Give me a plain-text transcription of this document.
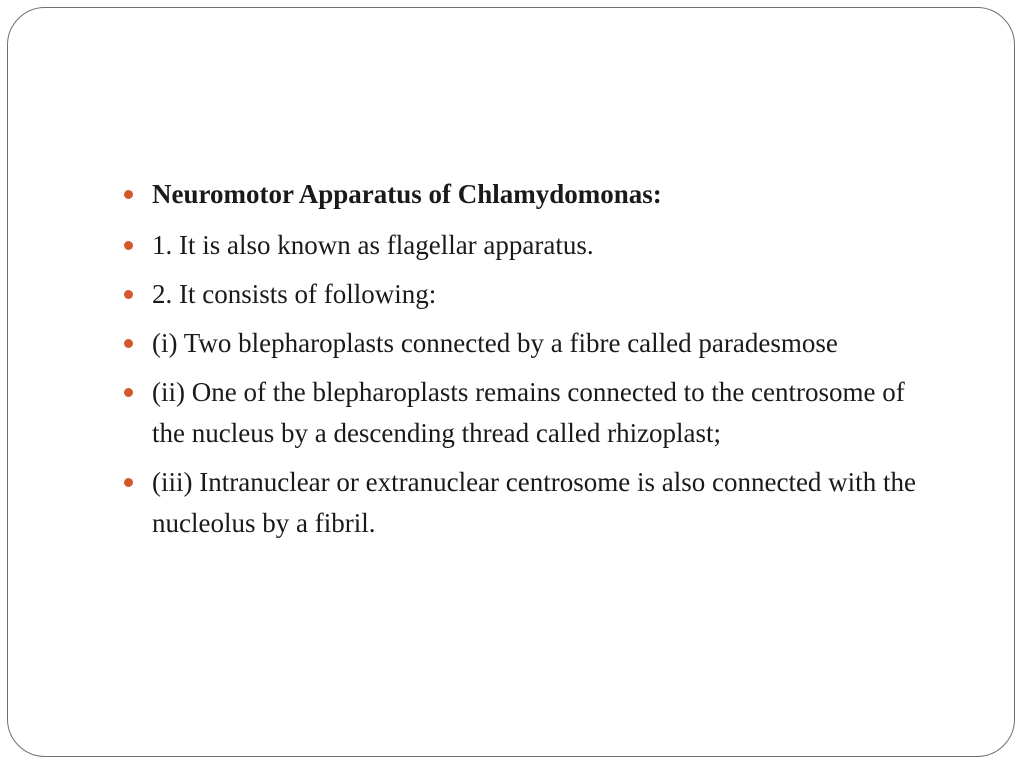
Neuromotor Apparatus of Chlamydomonas:
1. It is also known as flagellar apparatus.
2. It consists of following:
(i) Two blepharoplasts connected by a fibre called paradesmose
(ii) One of the blepharoplasts remains connected to the centrosome of the nucleus by a descending thread called rhizoplast;
(iii) Intranuclear or extranuclear centrosome is also connected with the nucleolus by a fibril.
